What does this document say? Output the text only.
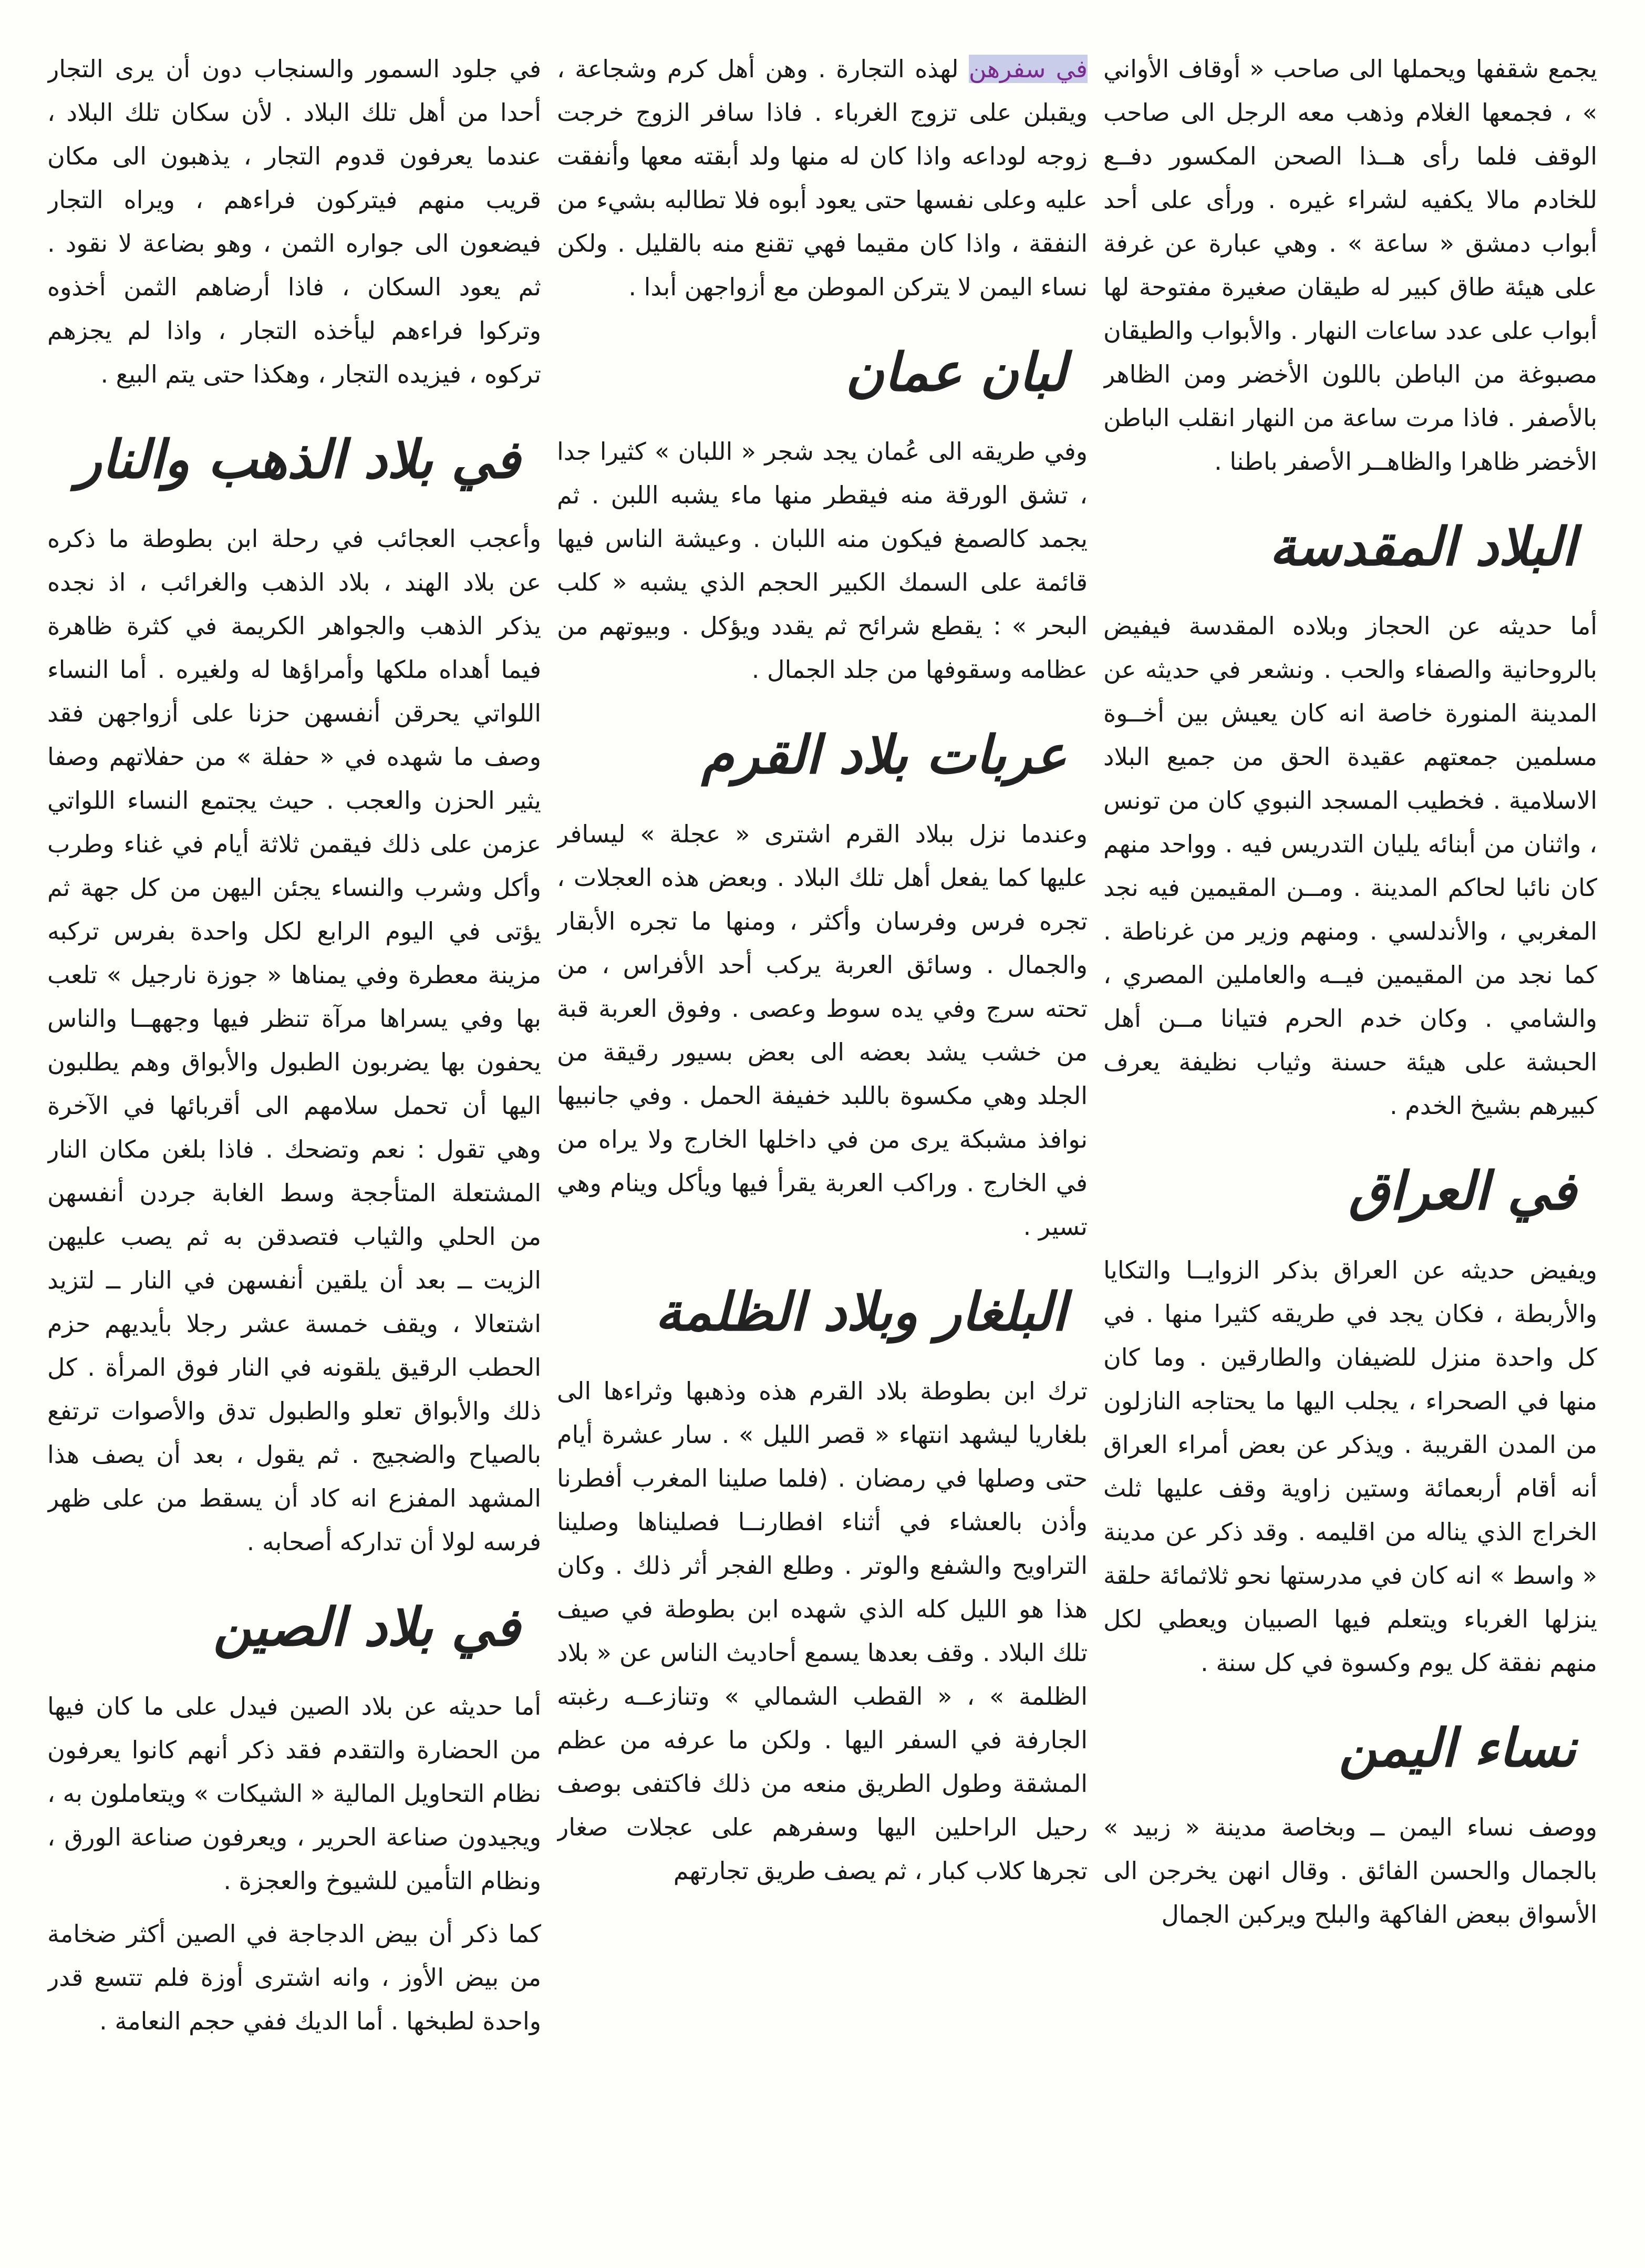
يجمع شقفها ويحملها الى صاحب « أوقاف الأواني » ، فجمعها الغلام وذهب معه الرجل الى صاحب الوقف فلما رأى هــذا الصحن المكسور دفــع للخادم مالا يكفيه لشراء غيره . ورأى على أحد أبواب دمشق « ساعة » . وهي عبارة عن غرفة على هيئة طاق كبير له طيقان صغيرة مفتوحة لها أبواب على عدد ساعات النهار . والأبواب والطيقان مصبوغة من الباطن باللون الأخضر ومن الظاهر بالأصفر . فاذا مرت ساعة من النهار انقلب الباطن الأخضر ظاهرا والظاهــر الأصفر باطنا .

البلاد المقدسة

أما حديثه عن الحجاز وبلاده المقدسة فيفيض بالروحانية والصفاء والحب . ونشعر في حديثه عن المدينة المنورة خاصة انه كان يعيش بين أخــوة مسلمين جمعتهم عقيدة الحق من جميع البلاد الاسلامية . فخطيب المسجد النبوي كان من تونس ، واثنان من أبنائه يليان التدريس فيه . وواحد منهم كان نائبا لحاكم المدينة . ومــن المقيمين فيه نجد المغربي ، والأندلسي . ومنهم وزير من غرناطة . كما نجد من المقيمين فيــه والعاملين المصري ، والشامي . وكان خدم الحرم فتيانا مــن أهل الحبشة على هيئة حسنة وثياب نظيفة يعرف كبيرهم بشيخ الخدم .

في العراق

ويفيض حديثه عن العراق بذكر الزوايــا والتكايا والأربطة ، فكان يجد في طريقه كثيرا منها . في كل واحدة منزل للضيفان والطارقين . وما كان منها في الصحراء ، يجلب اليها ما يحتاجه النازلون من المدن القريبة . ويذكر عن بعض أمراء العراق أنه أقام أربعمائة وستين زاوية وقف عليها ثلث الخراج الذي يناله من اقليمه . وقد ذكر عن مدينة « واسط » انه كان في مدرستها نحو ثلاثمائة حلقة ينزلها الغرباء ويتعلم فيها الصبيان ويعطي لكل منهم نفقة كل يوم وكسوة في كل سنة .

نساء اليمن

ووصف نساء اليمن ــ وبخاصة مدينة « زبيد » بالجمال والحسن الفائق . وقال انهن يخرجن الى الأسواق ببعض الفاكهة والبلح ويركبن الجمال

في سفرهن لهذه التجارة . وهن أهل كرم وشجاعة ، ويقبلن على تزوج الغرباء . فاذا سافر الزوج خرجت زوجه لوداعه واذا كان له منها ولد أبقته معها وأنفقت عليه وعلى نفسها حتى يعود أبوه فلا تطالبه بشيء من النفقة ، واذا كان مقيما فهي تقنع منه بالقليل . ولكن نساء اليمن لا يتركن الموطن مع أزواجهن أبدا .

لبان عمان

وفي طريقه الى عُمان يجد شجر « اللبان » كثيرا جدا ، تشق الورقة منه فيقطر منها ماء يشبه اللبن . ثم يجمد كالصمغ فيكون منه اللبان . وعيشة الناس فيها قائمة على السمك الكبير الحجم الذي يشبه « كلب البحر » : يقطع شرائح ثم يقدد ويؤكل . وبيوتهم من عظامه وسقوفها من جلد الجمال .

عربات بلاد القرم

وعندما نزل ببلاد القرم اشترى « عجلة » ليسافر عليها كما يفعل أهل تلك البلاد . وبعض هذه العجلات ، تجره فرس وفرسان وأكثر ، ومنها ما تجره الأبقار والجمال . وسائق العربة يركب أحد الأفراس ، من تحته سرج وفي يده سوط وعصى . وفوق العربة قبة من خشب يشد بعضه الى بعض بسيور رقيقة من الجلد وهي مكسوة باللبد خفيفة الحمل . وفي جانبيها نوافذ مشبكة يرى من في داخلها الخارج ولا يراه من في الخارج . وراكب العربة يقرأ فيها ويأكل وينام وهي تسير .

البلغار وبلاد الظلمة

ترك ابن بطوطة بلاد القرم هذه وذهبها وثراءها الى بلغاريا ليشهد انتهاء « قصر الليل » . سار عشرة أيام حتى وصلها في رمضان . (فلما صلينا المغرب أفطرنا وأذن بالعشاء في أثناء افطارنــا فصليناها وصلينا التراويح والشفع والوتر . وطلع الفجر أثر ذلك . وكان هذا هو الليل كله الذي شهده ابن بطوطة في صيف تلك البلاد . وقف بعدها يسمع أحاديث الناس عن « بلاد الظلمة » ، « القطب الشمالي » وتنازعــه رغبته الجارفة في السفر اليها . ولكن ما عرفه من عظم المشقة وطول الطريق منعه من ذلك فاكتفى بوصف رحيل الراحلين اليها وسفرهم على عجلات صغار تجرها كلاب كبار ، ثم يصف طريق تجارتهم

في جلود السمور والسنجاب دون أن يرى التجار أحدا من أهل تلك البلاد . لأن سكان تلك البلاد ، عندما يعرفون قدوم التجار ، يذهبون الى مكان قريب منهم فيتركون فراءهم ، ويراه التجار فيضعون الى جواره الثمن ، وهو بضاعة لا نقود . ثم يعود السكان ، فاذا أرضاهم الثمن أخذوه وتركوا فراءهم ليأخذه التجار ، واذا لم يجزهم تركوه ، فيزيده التجار ، وهكذا حتى يتم البيع .

في بلاد الذهب والنار

وأعجب العجائب في رحلة ابن بطوطة ما ذكره عن بلاد الهند ، بلاد الذهب والغرائب ، اذ نجده يذكر الذهب والجواهر الكريمة في كثرة ظاهرة فيما أهداه ملكها وأمراؤها له ولغيره . أما النساء اللواتي يحرقن أنفسهن حزنا على أزواجهن فقد وصف ما شهده في « حفلة » من حفلاتهم وصفا يثير الحزن والعجب . حيث يجتمع النساء اللواتي عزمن على ذلك فيقمن ثلاثة أيام في غناء وطرب وأكل وشرب والنساء يجئن اليهن من كل جهة ثم يؤتى في اليوم الرابع لكل واحدة بفرس تركبه مزينة معطرة وفي يمناها « جوزة نارجيل » تلعب بها وفي يسراها مرآة تنظر فيها وجههــا والناس يحفون بها يضربون الطبول والأبواق وهم يطلبون اليها أن تحمل سلامهم الى أقربائها في الآخرة وهي تقول : نعم وتضحك . فاذا بلغن مكان النار المشتعلة المتأججة وسط الغابة جردن أنفسهن من الحلي والثياب فتصدقن به ثم يصب عليهن الزيت ــ بعد أن يلقين أنفسهن في النار ــ لتزيد اشتعالا ، ويقف خمسة عشر رجلا بأيديهم حزم الحطب الرقيق يلقونه في النار فوق المرأة . كل ذلك والأبواق تعلو والطبول تدق والأصوات ترتفع بالصياح والضجيج . ثم يقول ، بعد أن يصف هذا المشهد المفزع انه كاد أن يسقط من على ظهر فرسه لولا أن تداركه أصحابه .

في بلاد الصين

أما حديثه عن بلاد الصين فيدل على ما كان فيها من الحضارة والتقدم فقد ذكر أنهم كانوا يعرفون نظام التحاويل المالية « الشيكات » ويتعاملون به ، ويجيدون صناعة الحرير ، ويعرفون صناعة الورق ، ونظام التأمين للشيوخ والعجزة .

كما ذكر أن بيض الدجاجة في الصين أكثر ضخامة من بيض الأوز ، وانه اشترى أوزة فلم تتسع قدر واحدة لطبخها . أما الديك ففي حجم النعامة .
